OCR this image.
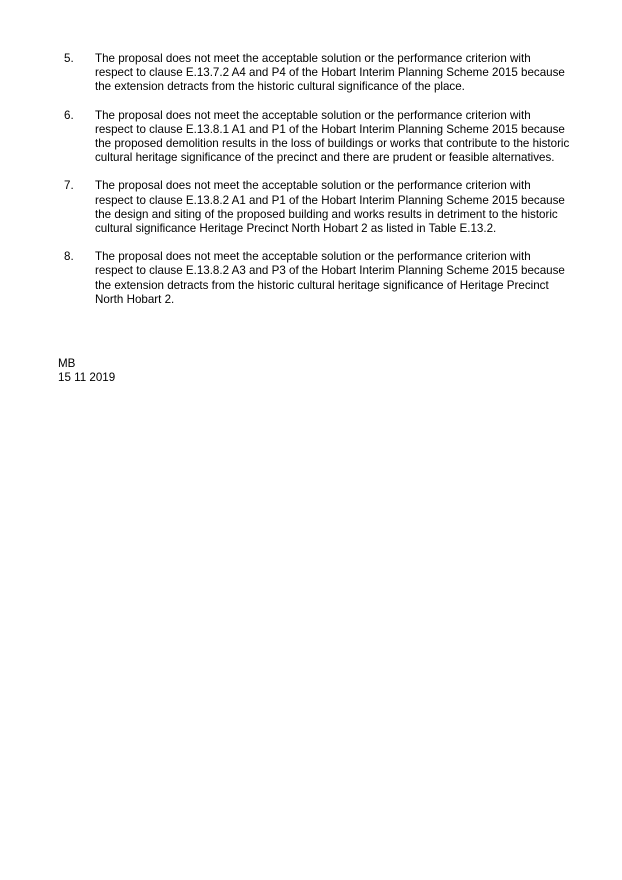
5.	The proposal does not meet the acceptable solution or the performance criterion with respect to clause E.13.7.2 A4 and P4 of the Hobart Interim Planning Scheme 2015 because the extension detracts from the historic cultural significance of the place.

6.	The proposal does not meet the acceptable solution or the performance criterion with respect to clause E.13.8.1 A1 and P1 of the Hobart Interim Planning Scheme 2015 because the proposed demolition results in the loss of buildings or works that contribute to the historic cultural heritage significance of the precinct and there are prudent or feasible alternatives.

7.	The proposal does not meet the acceptable solution or the performance criterion with respect to clause E.13.8.2 A1 and P1 of the Hobart Interim Planning Scheme 2015 because the design and siting of the proposed building and works results in detriment to the historic cultural significance Heritage Precinct North Hobart 2 as listed in Table E.13.2.

8.	The proposal does not meet the acceptable solution or the performance criterion with respect to clause E.13.8.2 A3 and P3 of the Hobart Interim Planning Scheme 2015 because the extension detracts from the historic cultural heritage significance of Heritage Precinct North Hobart 2.

MB
15 11 2019
